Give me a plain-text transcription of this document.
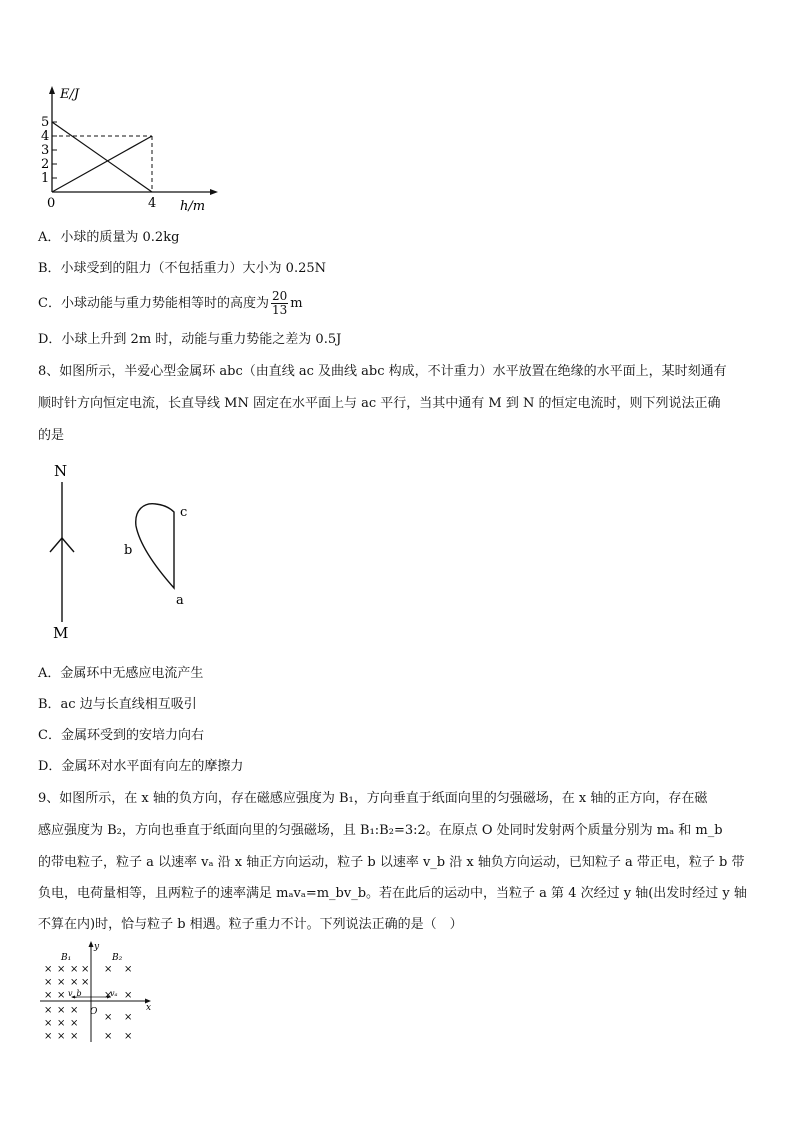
E/J
5
4
3
2
1
0	4 h/m
A．小球的质量为 0.2kg
B．小球受到的阻力（不包括重力）大小为 0.25N
C．小球动能与重力势能相等时的高度为 $\frac{20}{13}$ m
D．小球上升到 2m 时，动能与重力势能之差为 0.5J
8、如图所示，半爱心型金属环 abc（由直线 ac 及曲线 abc 构成，不计重力）水平放置在绝缘的水平面上，某时刻通有
顺时针方向恒定电流，长直导线 MN 固定在水平面上与 ac 平行，当其中通有 M 到 N 的恒定电流时，则下列说法正确
的是
N
M
c
b
a
A．金属环中无感应电流产生
B．ac 边与长直线相互吸引
C．金属环受到的安培力向右
D．金属环对水平面有向左的摩擦力
9、如图所示，在 x 轴的负方向，存在磁感应强度为 B₁，方向垂直于纸面向里的匀强磁场，在 x 轴的正方向，存在磁
感应强度为 B₂，方向也垂直于纸面向里的匀强磁场，且 B₁:B₂=3:2。在原点 O 处同时发射两个质量分别为 mₐ 和 m_b
的带电粒子，粒子 a 以速率 vₐ 沿 x 轴正方向运动，粒子 b 以速率 v_b 沿 x 轴负方向运动，已知粒子 a 带正电，粒子 b 带
负电，电荷量相等，且两粒子的速率满足 mₐvₐ=m_bv_b。若在此后的运动中，当粒子 a 第 4 次经过 y 轴(出发时经过 y 轴
不算在内)时，恰与粒子 b 相遇。粒子重力不计。下列说法正确的是（　）
y
x
O
B₁	B₂
v_b	vₐ
× × × ×
× × × ×
× ×
× × ×
× × ×
× × ×
× ×
× ×
× ×
× ×
